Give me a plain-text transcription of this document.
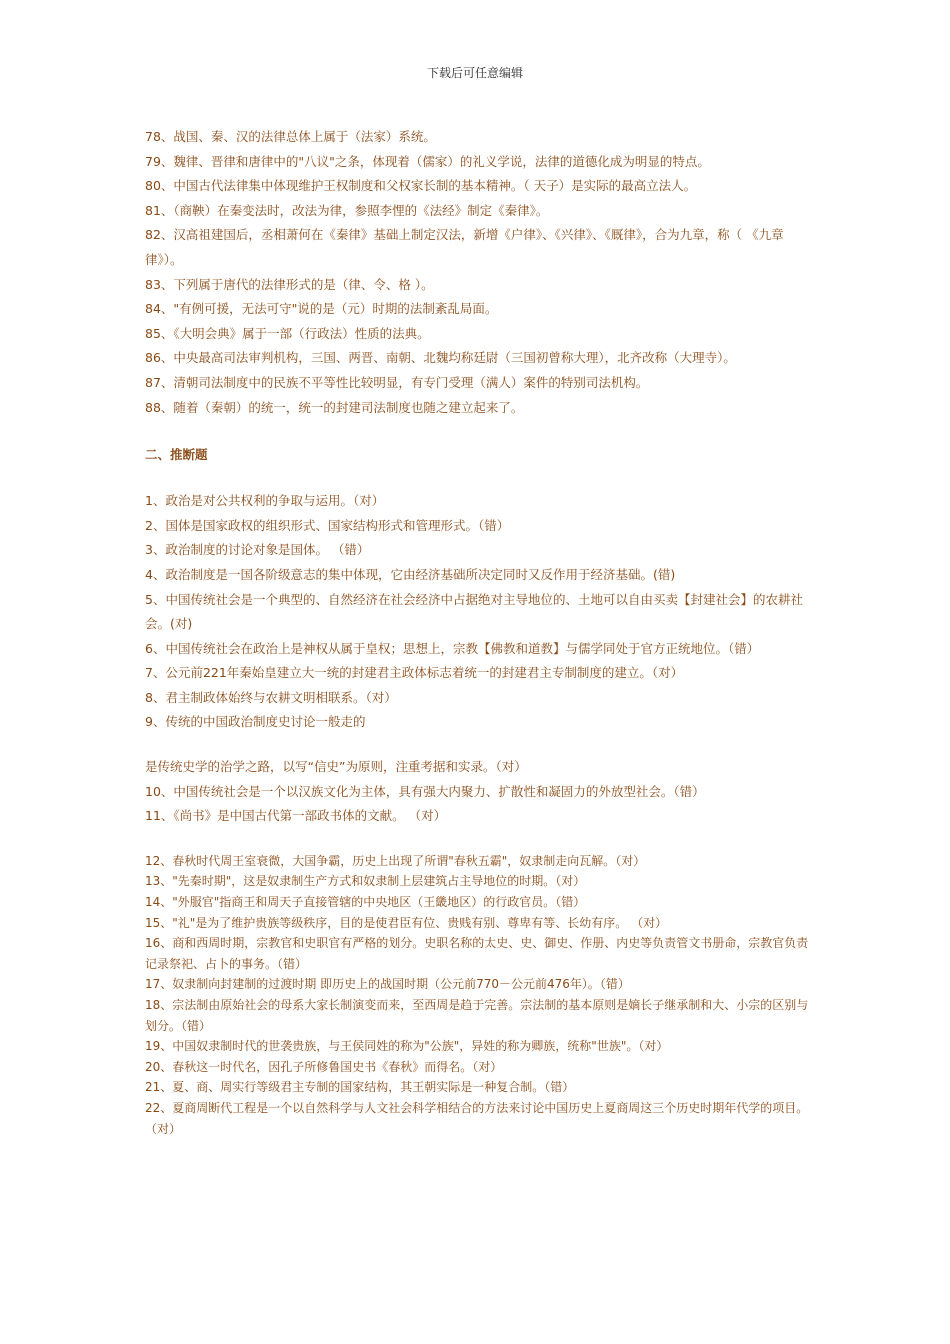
下载后可任意编辑
78、战国、秦、汉的法律总体上属于（法家）系统。
79、魏律、晋律和唐律中的"八议"之条，体现着（儒家）的礼义学说，法律的道德化成为明显的特点。
80、中国古代法律集中体现维护王权制度和父权家长制的基本精神。（ 天子）是实际的最高立法人。
81、（商鞅）在秦变法时，改法为律，参照李悝的《法经》制定《秦律》。
82、汉高祖建国后，丞相萧何在《秦律》基础上制定汉法，新增《户律》、《兴律》、《厩律》，合为九章，称（ 《九章律》）。
83、下列属于唐代的法律形式的是（律、令、格 ）。
84、"有例可援，无法可守"说的是（元）时期的法制紊乱局面。
85、《大明会典》属于一部（行政法）性质的法典。
86、中央最高司法审判机构，三国、两晋、南朝、北魏均称廷尉（三国初曾称大理），北齐改称（大理寺）。
87、清朝司法制度中的民族不平等性比较明显，有专门受理（满人）案件的特别司法机构。
88、随着（秦朝）的统一，统一的封建司法制度也随之建立起来了。
二、推断题
1、政治是对公共权利的争取与运用。（对）
2、国体是国家政权的组织形式、国家结构形式和管理形式。（错）
3、政治制度的讨论对象是国体。 （错）
4、政治制度是一国各阶级意志的集中体现，它由经济基础所决定同时又反作用于经济基础。(错)
5、中国传统社会是一个典型的、自然经济在社会经济中占据绝对主导地位的、土地可以自由买卖【封建社会】的农耕社会。(对)
6、中国传统社会在政治上是神权从属于皇权；思想上，宗教【佛教和道教】与儒学同处于官方正统地位。（错）
7、公元前221年秦始皇建立大一统的封建君主政体标志着统一的封建君主专制制度的建立。（对）
8、君主制政体始终与农耕文明相联系。（对）
9、传统的中国政治制度史讨论一般走的
是传统史学的治学之路，以写“信史”为原则，注重考据和实录。（对）
10、中国传统社会是一个以汉族文化为主体，具有强大内聚力、扩散性和凝固力的外放型社会。（错）
11、《尚书》是中国古代第一部政书体的文献。 （对）
12、春秋时代周王室衰微，大国争霸，历史上出现了所谓"春秋五霸"，奴隶制走向瓦解。（对）
13、"先秦时期"，这是奴隶制生产方式和奴隶制上层建筑占主导地位的时期。（对）
14、"外服官"指商王和周天子直接管辖的中央地区（王畿地区）的行政官员。（错）
15、"礼"是为了维护贵族等级秩序，目的是使君臣有位、贵贱有别、尊卑有等、长幼有序。 （对）
16、商和西周时期，宗教官和史职官有严格的划分。史职名称的太史、史、御史、作册、内史等负责管文书册命，宗教官负责记录祭祀、占卜的事务。（错）
17、奴隶制向封建制的过渡时期 即历史上的战国时期（公元前770－公元前476年）。（错）
18、宗法制由原始社会的母系大家长制演变而来，至西周是趋于完善。宗法制的基本原则是嫡长子继承制和大、小宗的区别与划分。（错）
19、中国奴隶制时代的世袭贵族，与王侯同姓的称为"公族"，异姓的称为卿族，统称"世族"。（对）
20、春秋这一时代名，因孔子所修鲁国史书《春秋》而得名。（对）
21、夏、商、周实行等级君主专制的国家结构，其王朝实际是一种复合制。（错）
22、夏商周断代工程是一个以自然科学与人文社会科学相结合的方法来讨论中国历史上夏商周这三个历史时期年代学的项目。（对）
